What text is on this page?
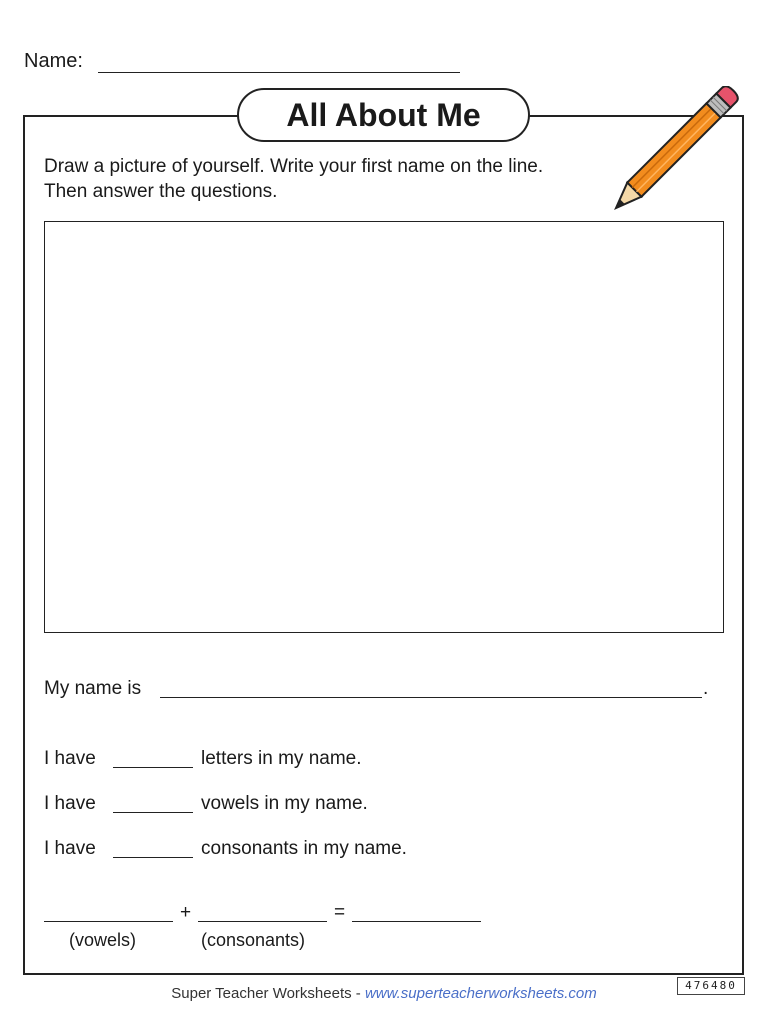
Name:
All About Me
Draw a picture of yourself. Write your first name on the line.
Then answer the questions.
My name is	.
I have	letters in my name.
I have	vowels in my name.
I have	consonants in my name.
+	=
(vowels)	(consonants)
476480
Super Teacher Worksheets - www.superteacherworksheets.com
